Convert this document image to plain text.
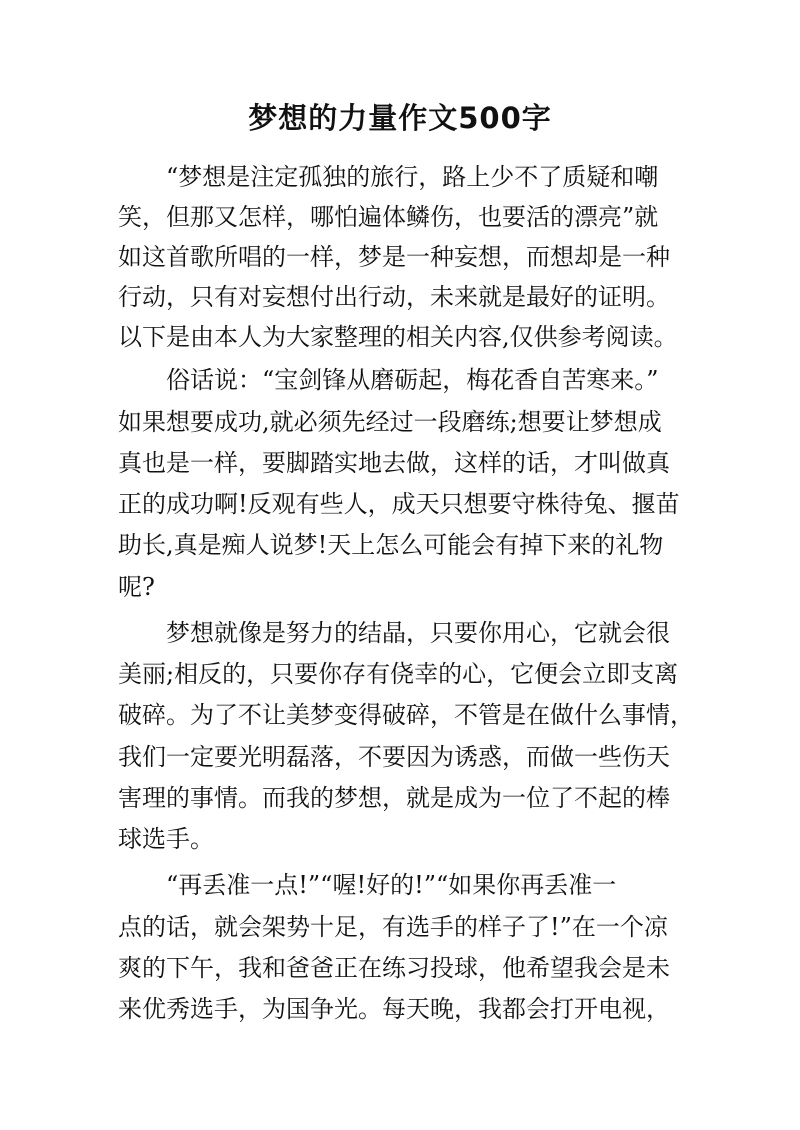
梦想的力量作文500字
“梦想是注定孤独的旅行，路上少不了质疑和嘲
笑，但那又怎样，哪怕遍体鳞伤，也要活的漂亮”就
如这首歌所唱的一样，梦是一种妄想，而想却是一种
行动，只有对妄想付出行动，未来就是最好的证明。
以下是由本人为大家整理的相关内容,仅供参考阅读。
俗话说：“宝剑锋从磨砺起，梅花香自苦寒来。”
如果想要成功,就必须先经过一段磨练;想要让梦想成
真也是一样，要脚踏实地去做，这样的话，才叫做真
正的成功啊!反观有些人，成天只想要守株待兔、揠苗
助长,真是痴人说梦!天上怎么可能会有掉下来的礼物
呢?
梦想就像是努力的结晶，只要你用心，它就会很
美丽;相反的，只要你存有侥幸的心，它便会立即支离
破碎。为了不让美梦变得破碎，不管是在做什么事情，
我们一定要光明磊落，不要因为诱惑，而做一些伤天
害理的事情。而我的梦想，就是成为一位了不起的棒
球选手。
“再丢准一点!”“喔!好的!”“如果你再丢准一
点的话，就会架势十足，有选手的样子了!”在一个凉
爽的下午，我和爸爸正在练习投球，他希望我会是未
来优秀选手，为国争光。每天晚，我都会打开电视，
